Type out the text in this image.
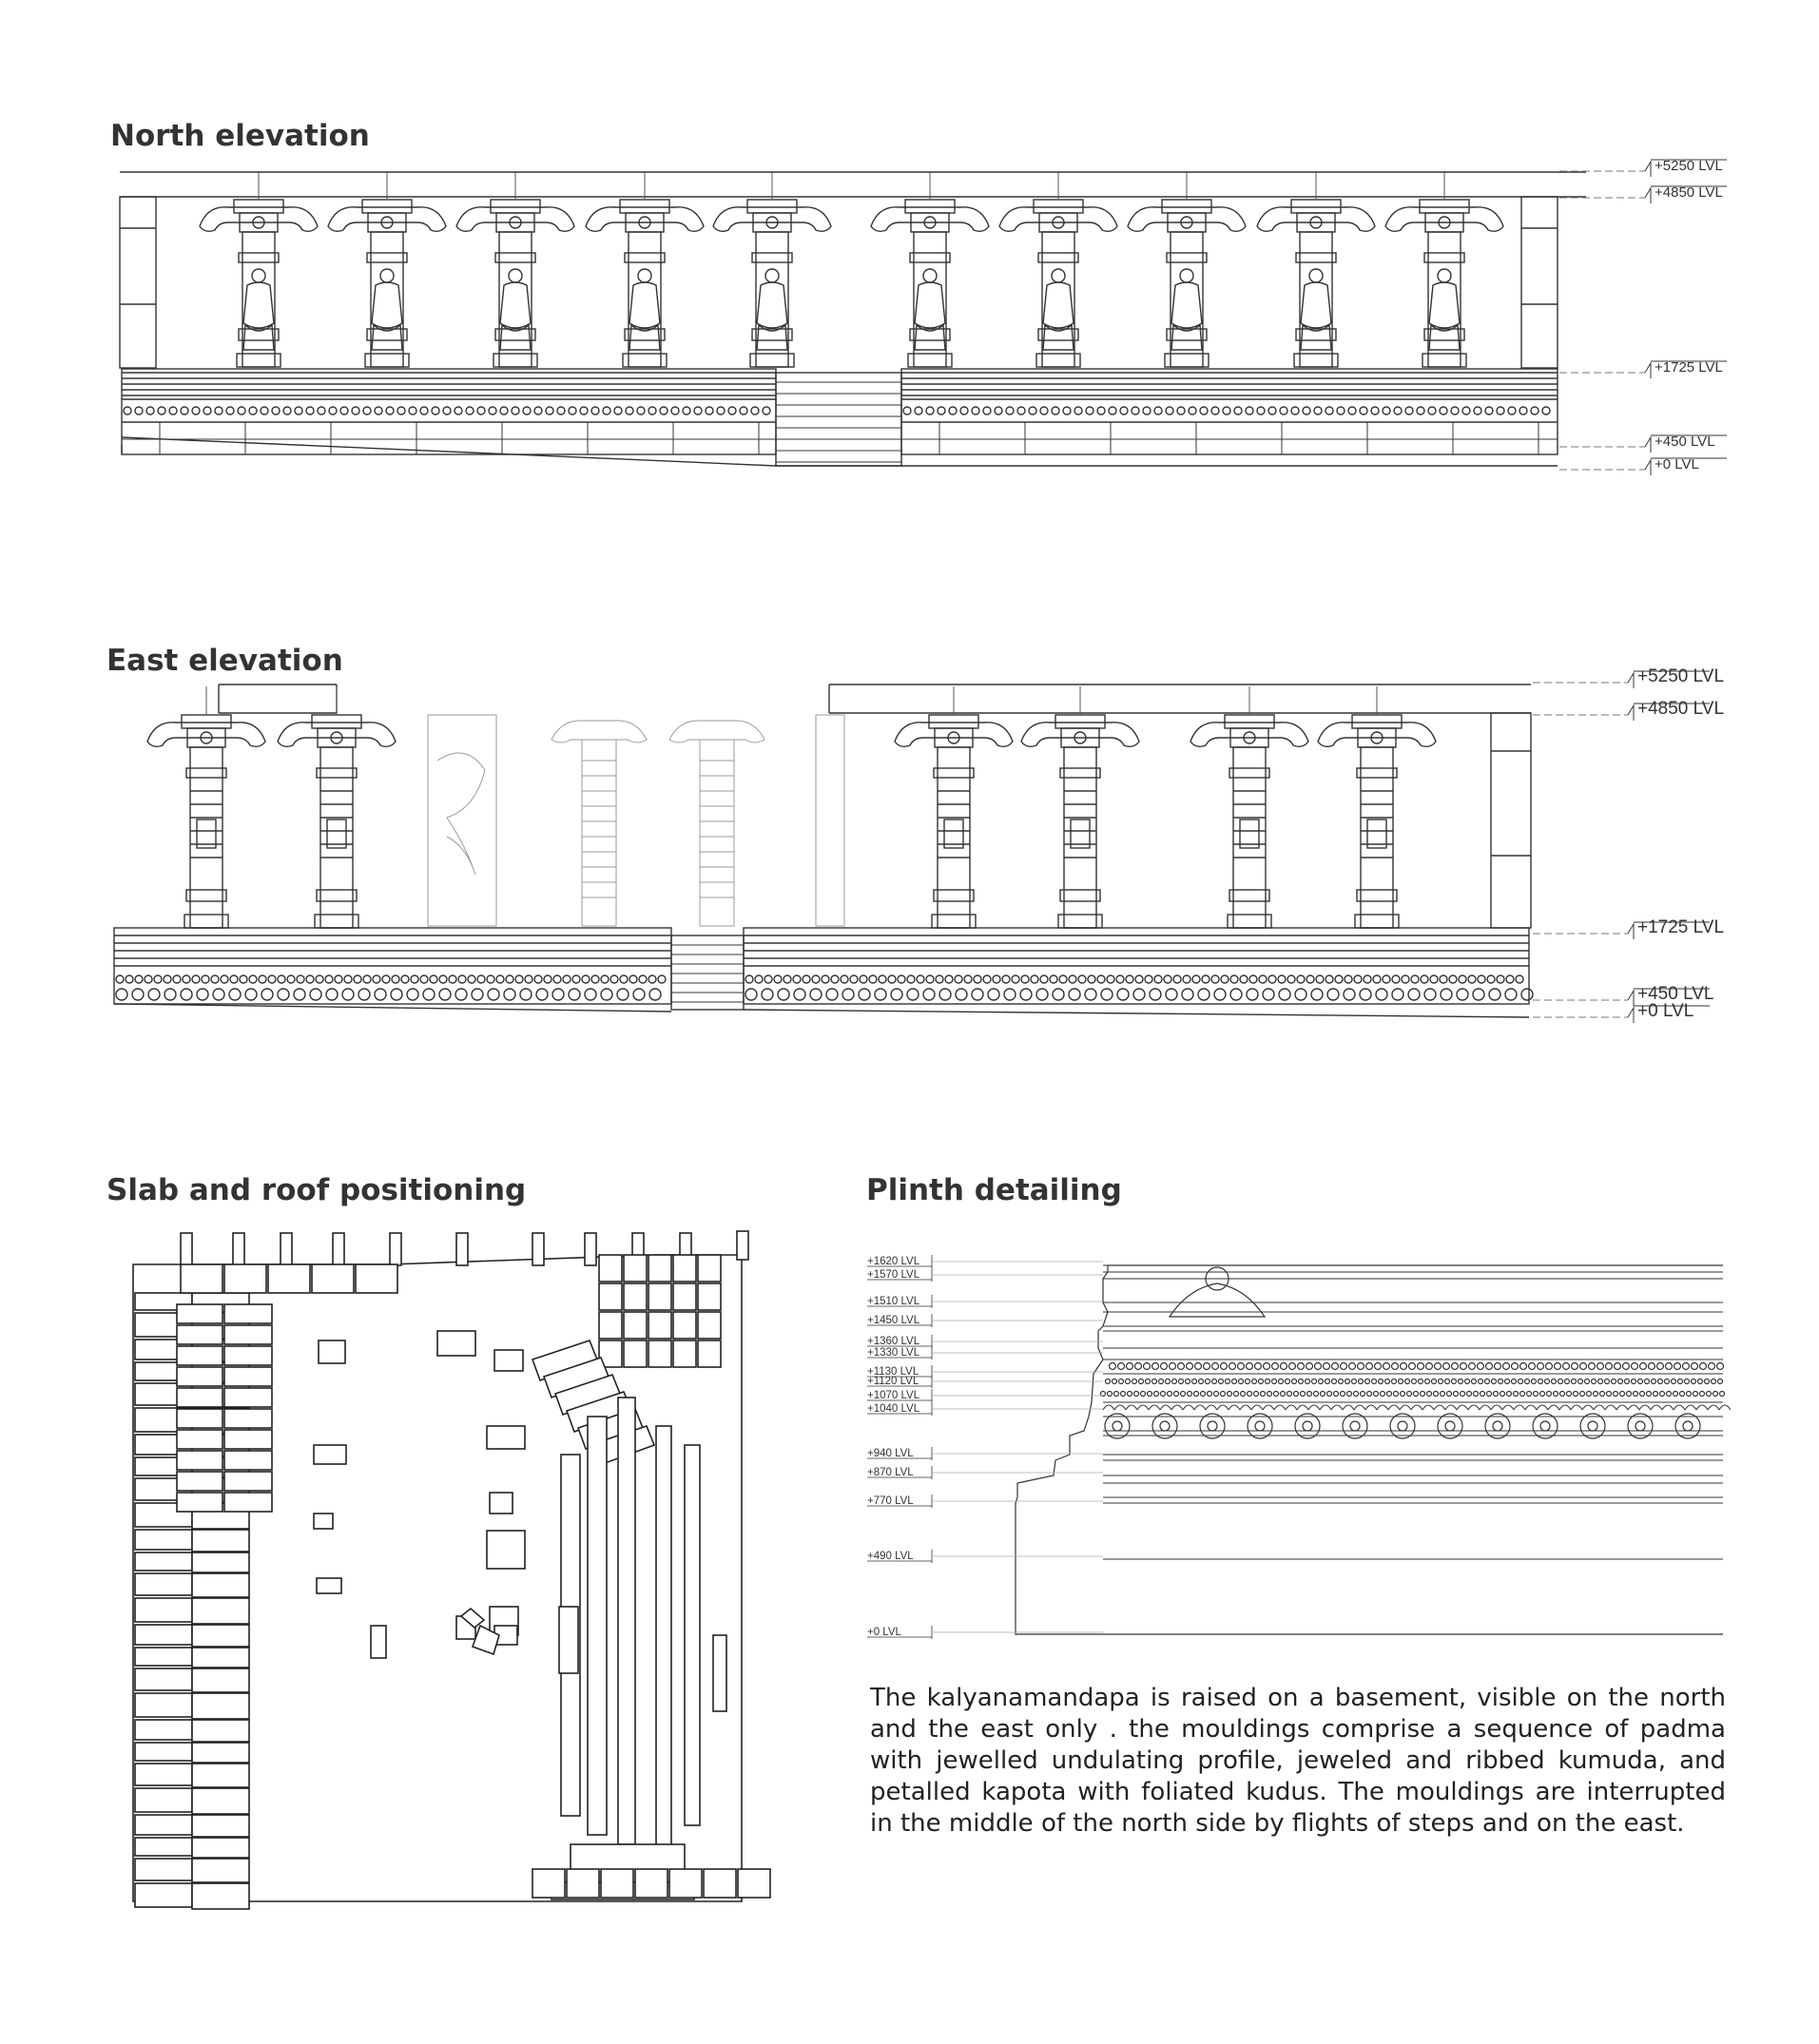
North elevation
East elevation
Slab and roof positioning	Plinth detailing
+5250 LVL
+4850 LVL
+1725 LVL
+450 LVL
+0 LVL
+5250 LVL
+4850 LVL
+1725 LVL
+450 LVL
+0 LVL
+1620 LVL
+1570 LVL
+1510 LVL
+1450 LVL
+1360 LVL
+1330 LVL
+1130 LVL
+1120 LVL
+1070 LVL
+1040 LVL
+940 LVL
+870 LVL
+770 LVL
+490 LVL
+0 LVL
The kalyanamandapa is raised on a basement, visible on the north and the east only . the mouldings comprise a sequence of padma with jewelled undulating profile, jeweled and ribbed kumuda, and petalled kapota with foliated kudus. The mouldings are interrupted in the middle of the north side by flights of steps and on the east.
